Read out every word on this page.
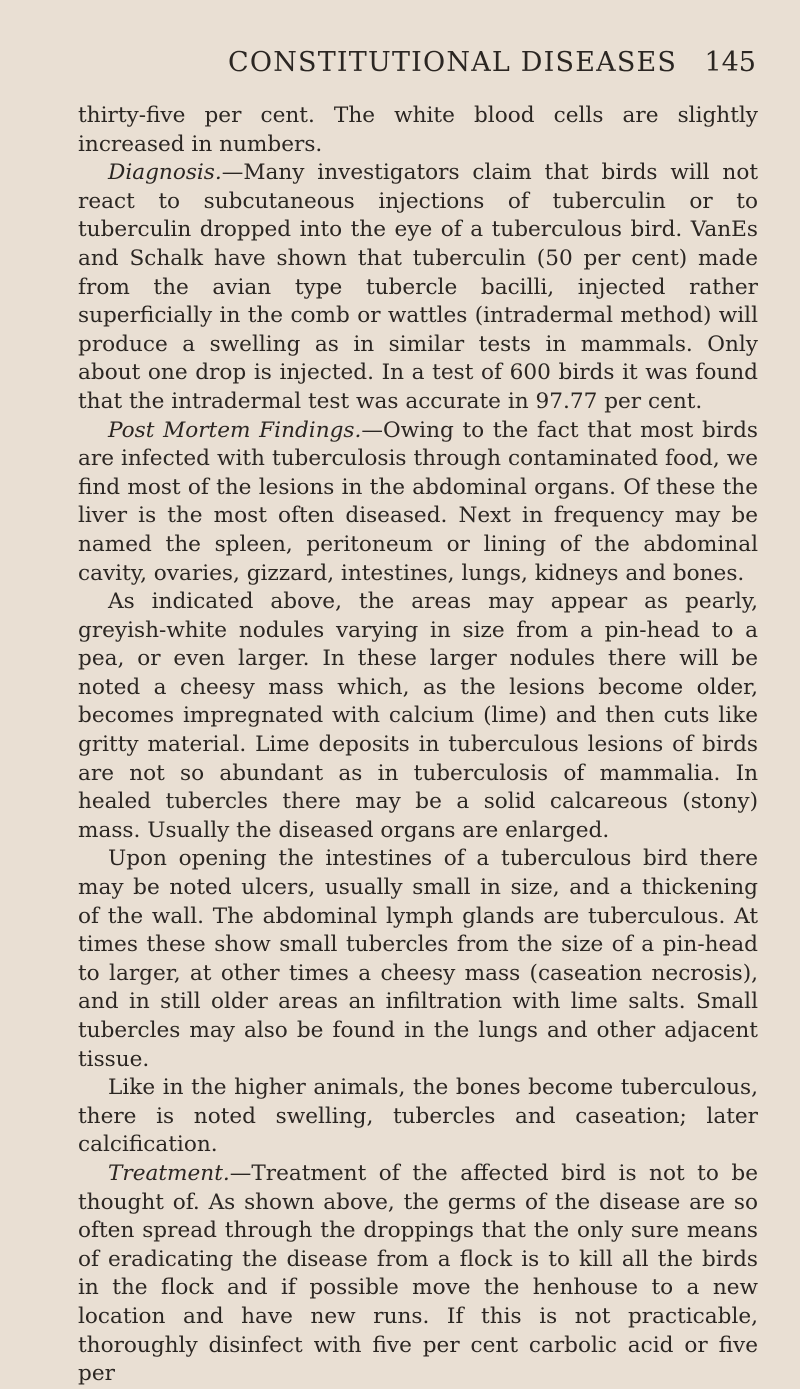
CONSTITUTIONAL DISEASES 145

thirty-five per cent. The white blood cells are slightly increased in numbers.

Diagnosis.—Many investigators claim that birds will not react to subcutaneous injections of tuberculin or to tuberculin dropped into the eye of a tuberculous bird. VanEs and Schalk have shown that tuberculin (50 per cent) made from the avian type tubercle bacilli, injected rather superficially in the comb or wattles (intradermal method) will produce a swelling as in similar tests in mammals. Only about one drop is injected. In a test of 600 birds it was found that the intradermal test was accurate in 97.77 per cent.

Post Mortem Findings.—Owing to the fact that most birds are infected with tuberculosis through contaminated food, we find most of the lesions in the abdominal organs. Of these the liver is the most often diseased. Next in frequency may be named the spleen, peritoneum or lining of the abdominal cavity, ovaries, gizzard, intestines, lungs, kidneys and bones.

As indicated above, the areas may appear as pearly, greyish-white nodules varying in size from a pin-head to a pea, or even larger. In these larger nodules there will be noted a cheesy mass which, as the lesions become older, becomes impregnated with calcium (lime) and then cuts like gritty material. Lime deposits in tuberculous lesions of birds are not so abundant as in tuberculosis of mammalia. In healed tubercles there may be a solid calcareous (stony) mass. Usually the diseased organs are enlarged.

Upon opening the intestines of a tuberculous bird there may be noted ulcers, usually small in size, and a thickening of the wall. The abdominal lymph glands are tuberculous. At times these show small tubercles from the size of a pin-head to larger, at other times a cheesy mass (caseation necrosis), and in still older areas an infiltration with lime salts. Small tubercles may also be found in the lungs and other adjacent tissue.

Like in the higher animals, the bones become tuberculous, there is noted swelling, tubercles and caseation; later calcification.

Treatment.—Treatment of the affected bird is not to be thought of. As shown above, the germs of the disease are so often spread through the droppings that the only sure means of eradicating the disease from a flock is to kill all the birds in the flock and if possible move the henhouse to a new location and have new runs. If this is not practicable, thoroughly disinfect with five per cent carbolic acid or five per
